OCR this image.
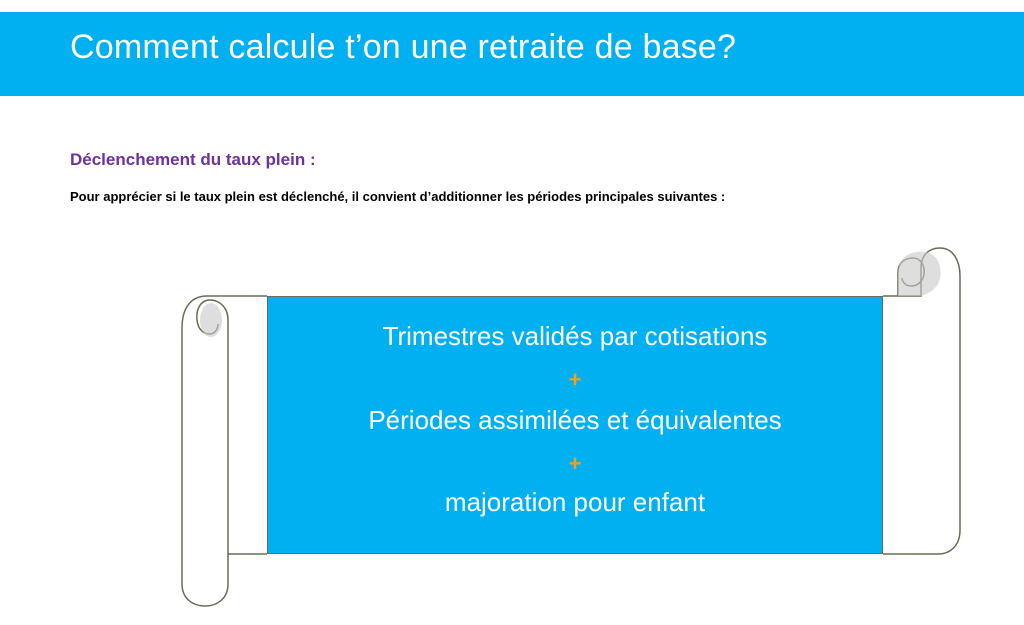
Comment calcule t’on une retraite de base?
Déclenchement du taux plein :
Pour apprécier si le taux plein est déclenché, il convient d’additionner les périodes principales suivantes :
Trimestres validés par cotisations
+
Périodes assimilées et équivalentes
+
majoration pour enfant
